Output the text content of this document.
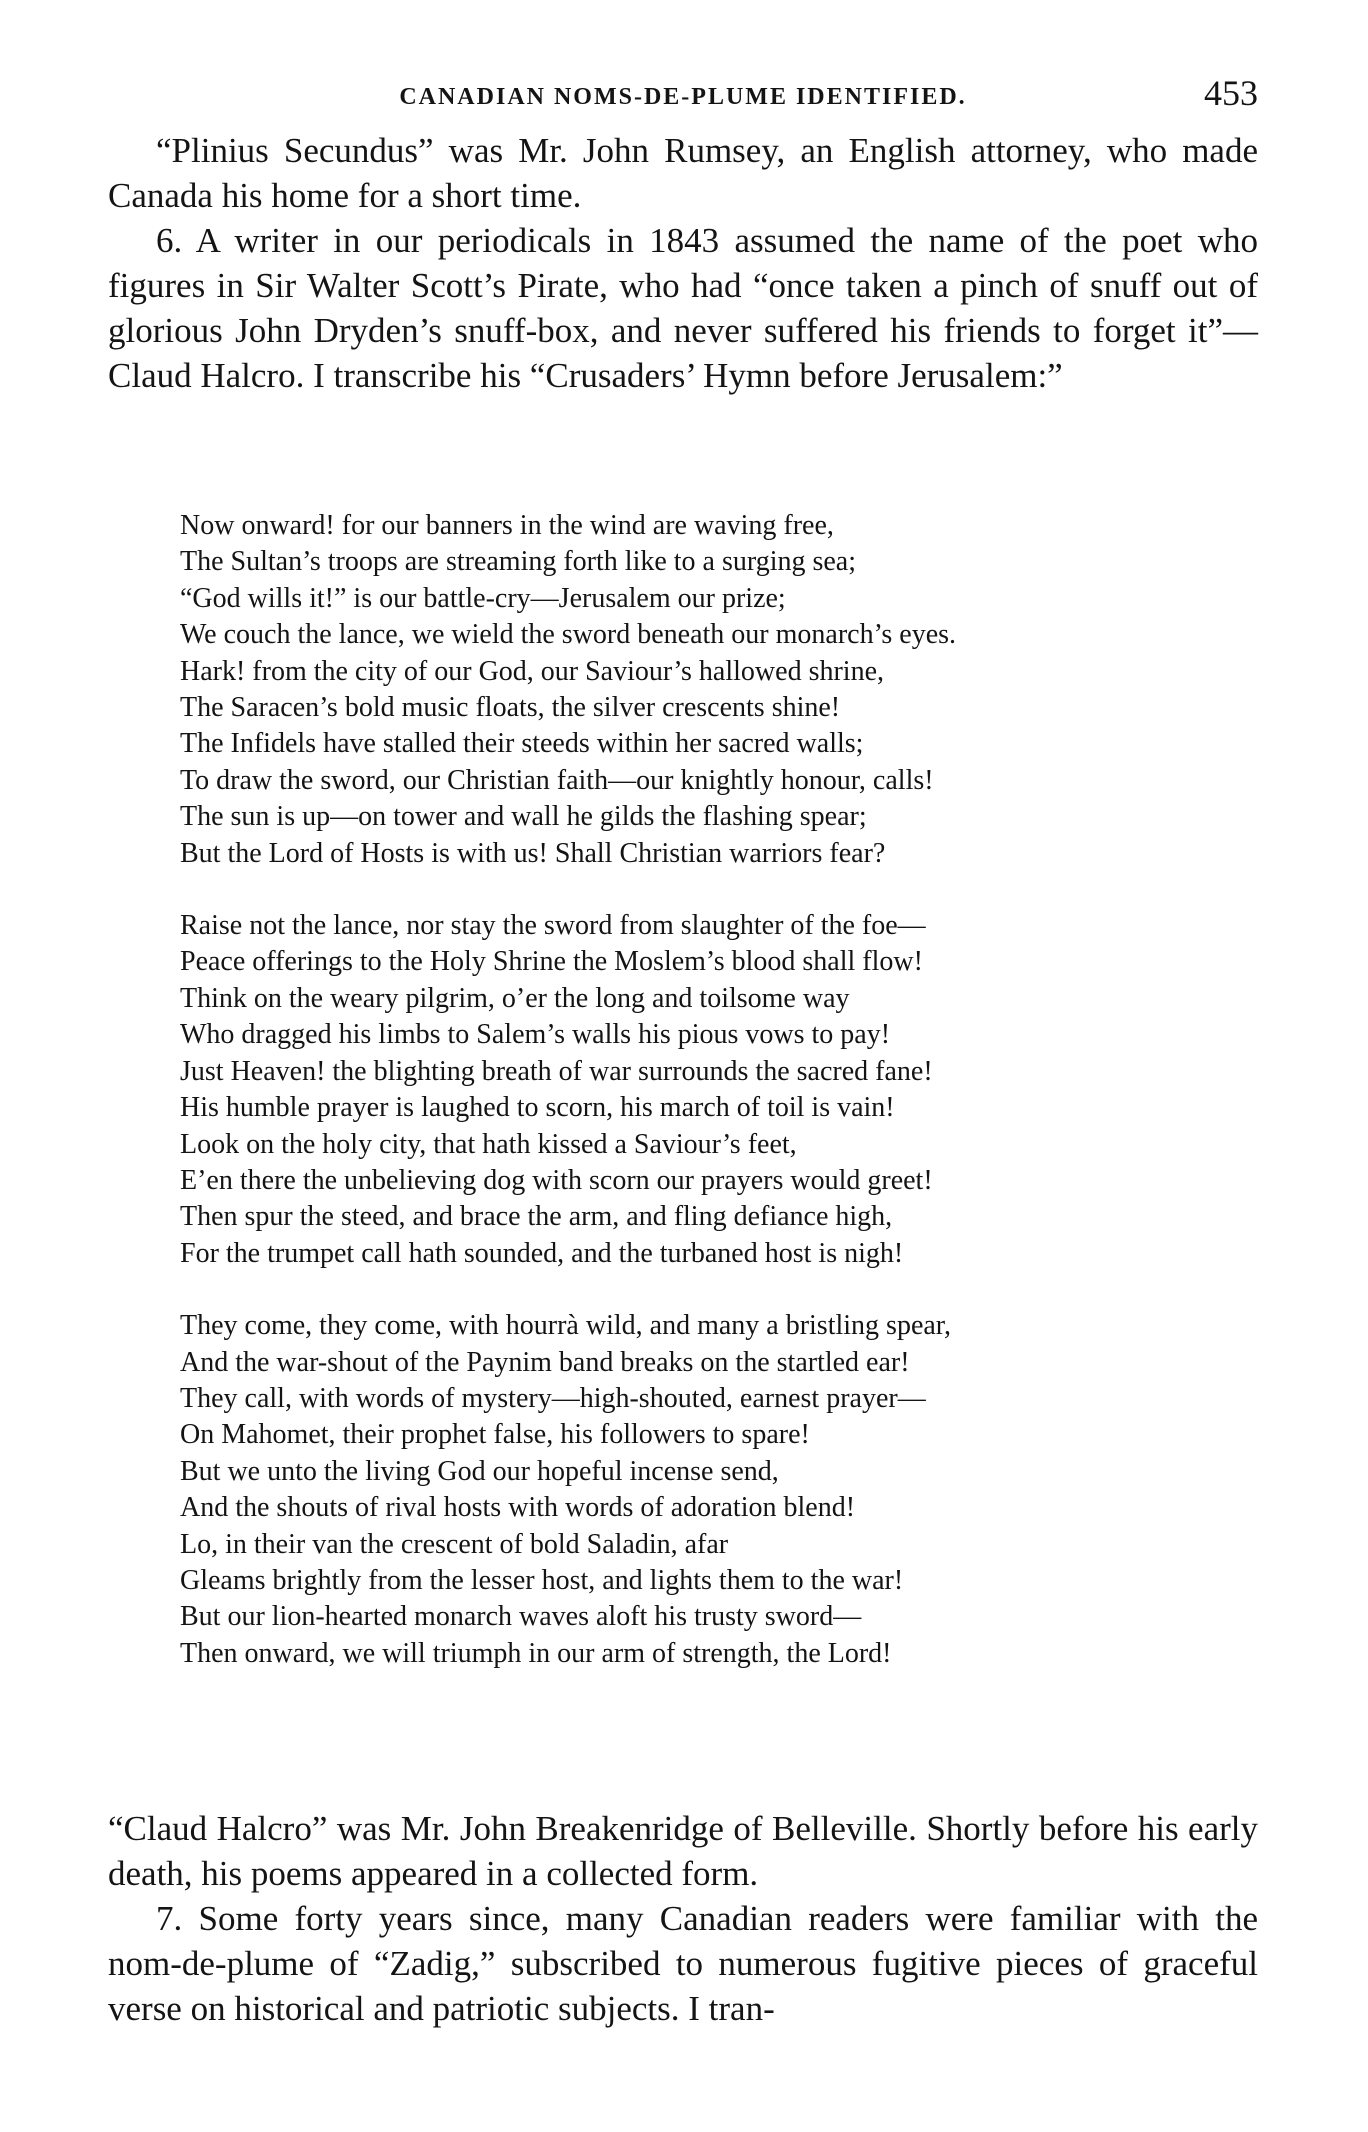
CANADIAN NOMS-DE-PLUME IDENTIFIED.	453

“Plinius Secundus” was Mr. John Rumsey, an English attorney, who made Canada his home for a short time.

6. A writer in our periodicals in 1843 assumed the name of the poet who figures in Sir Walter Scott’s Pirate, who had “once taken a pinch of snuff out of glorious John Dryden’s snuff-box, and never suffered his friends to forget it”—Claud Halcro. I transcribe his “Crusaders’ Hymn before Jerusalem:”

Now onward! for our banners in the wind are waving free,
The Sultan’s troops are streaming forth like to a surging sea;
“God wills it!” is our battle-cry—Jerusalem our prize;
We couch the lance, we wield the sword beneath our monarch’s eyes.
Hark! from the city of our God, our Saviour’s hallowed shrine,
The Saracen’s bold music floats, the silver crescents shine!
The Infidels have stalled their steeds within her sacred walls;
To draw the sword, our Christian faith—our knightly honour, calls!
The sun is up—on tower and wall he gilds the flashing spear;
But the Lord of Hosts is with us! Shall Christian warriors fear?
Raise not the lance, nor stay the sword from slaughter of the foe—
Peace offerings to the Holy Shrine the Moslem’s blood shall flow!
Think on the weary pilgrim, o’er the long and toilsome way
Who dragged his limbs to Salem’s walls his pious vows to pay!
Just Heaven! the blighting breath of war surrounds the sacred fane!
His humble prayer is laughed to scorn, his march of toil is vain!
Look on the holy city, that hath kissed a Saviour’s feet,
E’en there the unbelieving dog with scorn our prayers would greet!
Then spur the steed, and brace the arm, and fling defiance high,
For the trumpet call hath sounded, and the turbaned host is nigh!
They come, they come, with hourrà wild, and many a bristling spear,
And the war-shout of the Paynim band breaks on the startled ear!
They call, with words of mystery—high-shouted, earnest prayer—
On Mahomet, their prophet false, his followers to spare!
But we unto the living God our hopeful incense send,
And the shouts of rival hosts with words of adoration blend!
Lo, in their van the crescent of bold Saladin, afar
Gleams brightly from the lesser host, and lights them to the war!
But our lion-hearted monarch waves aloft his trusty sword—
Then onward, we will triumph in our arm of strength, the Lord!

“Claud Halcro” was Mr. John Breakenridge of Belleville. Shortly before his early death, his poems appeared in a collected form.

7. Some forty years since, many Canadian readers were familiar with the nom-de-plume of “Zadig,” subscribed to numerous fugitive pieces of graceful verse on historical and patriotic subjects. I tran-
